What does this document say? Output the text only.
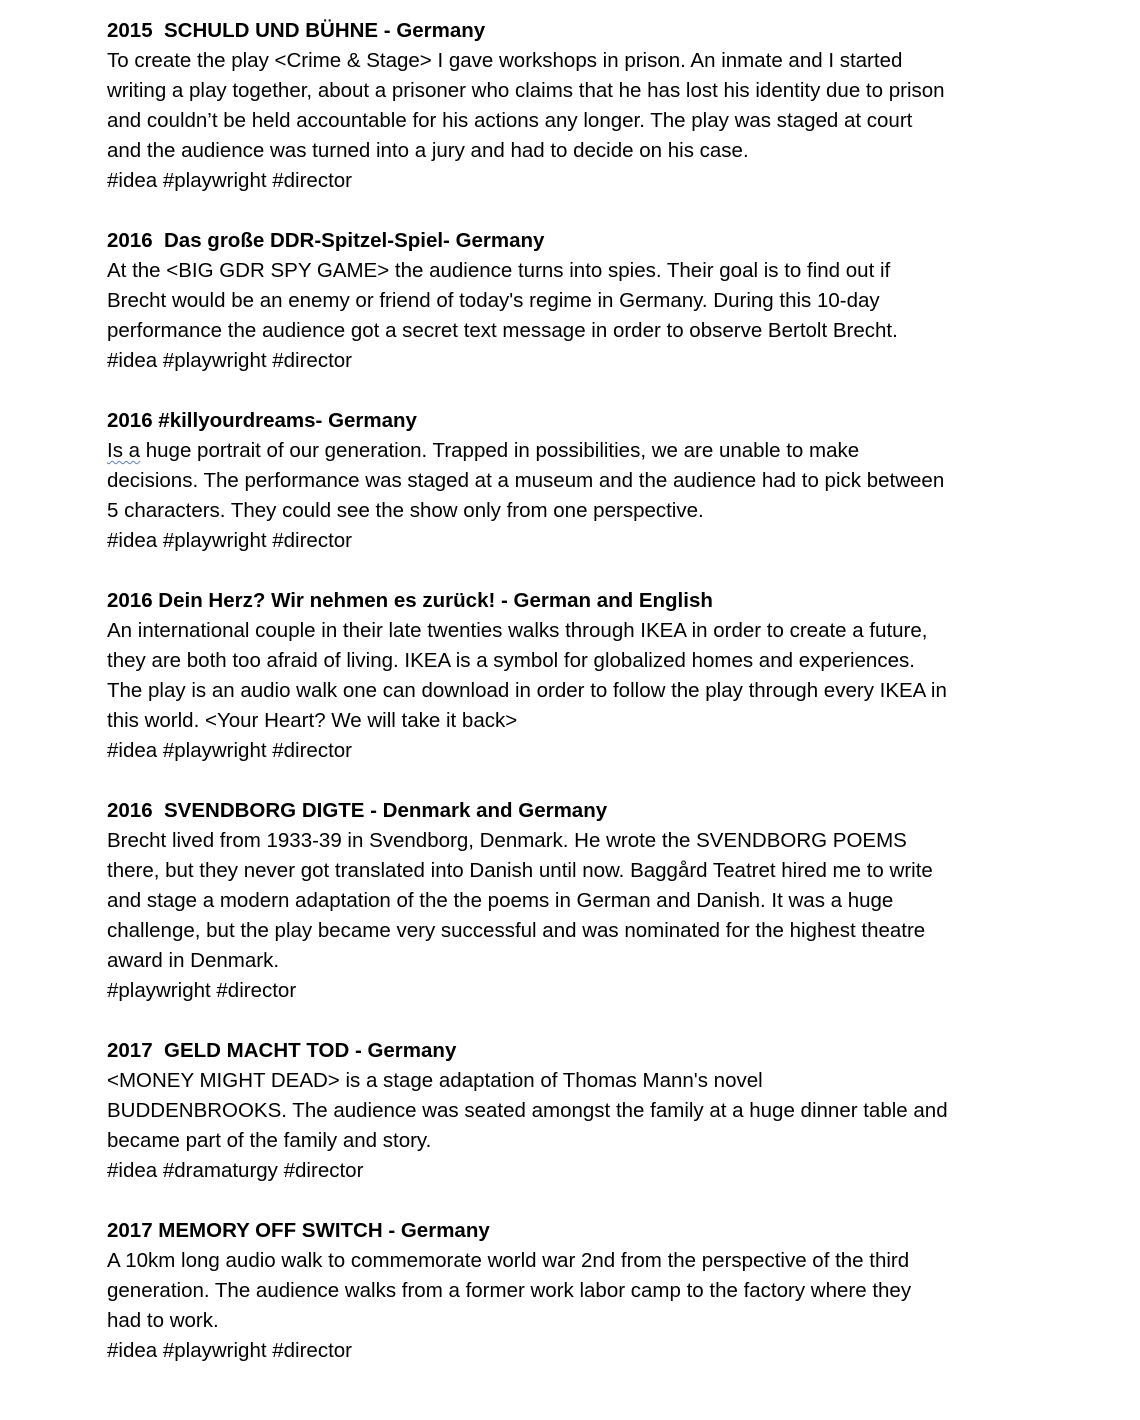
2015  SCHULD UND BÜHNE - Germany
To create the play <Crime & Stage> I gave workshops in prison. An inmate and I started
writing a play together, about a prisoner who claims that he has lost his identity due to prison
and couldn’t be held accountable for his actions any longer. The play was staged at court
and the audience was turned into a jury and had to decide on his case.
#idea #playwright #director
2016  Das große DDR-Spitzel-Spiel- Germany
At the <BIG GDR SPY GAME> the audience turns into spies. Their goal is to find out if
Brecht would be an enemy or friend of today's regime in Germany. During this 10-day
performance the audience got a secret text message in order to observe Bertolt Brecht.
#idea #playwright #director
2016 #killyourdreams- Germany
Is a huge portrait of our generation. Trapped in possibilities, we are unable to make
decisions. The performance was staged at a museum and the audience had to pick between
5 characters. They could see the show only from one perspective.
#idea #playwright #director
2016 Dein Herz? Wir nehmen es zurück! - German and English
An international couple in their late twenties walks through IKEA in order to create a future,
they are both too afraid of living. IKEA is a symbol for globalized homes and experiences.
The play is an audio walk one can download in order to follow the play through every IKEA in
this world. <Your Heart? We will take it back>
#idea #playwright #director
2016  SVENDBORG DIGTE - Denmark and Germany
Brecht lived from 1933-39 in Svendborg, Denmark. He wrote the SVENDBORG POEMS
there, but they never got translated into Danish until now. Baggård Teatret hired me to write
and stage a modern adaptation of the the poems in German and Danish. It was a huge
challenge, but the play became very successful and was nominated for the highest theatre
award in Denmark.
#playwright #director
2017  GELD MACHT TOD - Germany
<MONEY MIGHT DEAD> is a stage adaptation of Thomas Mann's novel
BUDDENBROOKS. The audience was seated amongst the family at a huge dinner table and
became part of the family and story.
#idea #dramaturgy #director
2017 MEMORY OFF SWITCH - Germany
A 10km long audio walk to commemorate world war 2nd from the perspective of the third
generation. The audience walks from a former work labor camp to the factory where they
had to work.
#idea #playwright #director
